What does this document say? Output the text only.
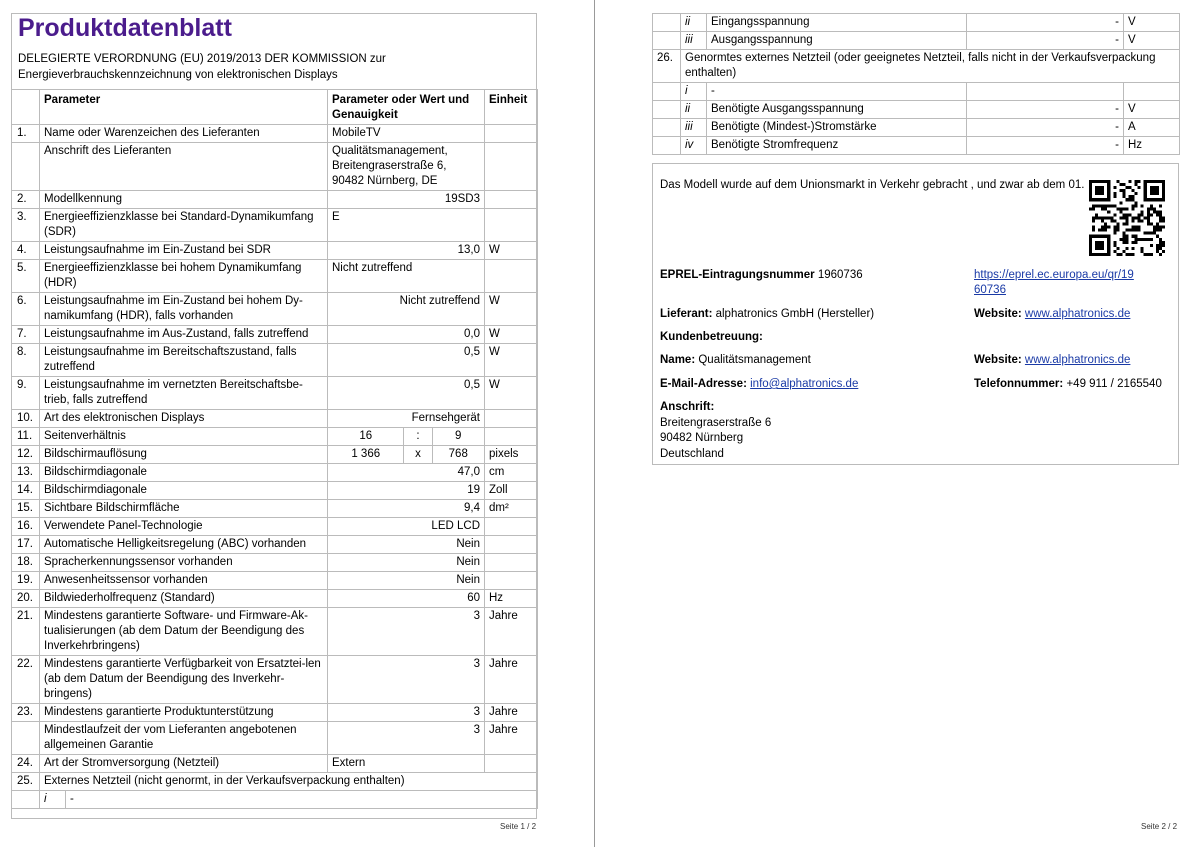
Produktdatenblatt
DELEGIERTE VERORDNUNG (EU) 2019/2013 DER KOMMISSION zur Energieverbrauchskennzeichnung von elektronischen Displays
	Parameter	Parameter oder Wert und Genauigkeit	Einheit
1.	Name oder Warenzeichen des Lieferanten	MobileTV	
	Anschrift des Lieferanten	Qualitätsmanagement, Breitengraserstraße 6, 90482 Nürnberg, DE	
2.	Modellkennung	19SD3	
3.	Energieeffizienzklasse bei Standard-Dynamikumfang (SDR)	E	
4.	Leistungsaufnahme im Ein-Zustand bei SDR	13,0	W
5.	Energieeffizienzklasse bei hohem Dynamikumfang (HDR)	Nicht zutreffend	
6.	Leistungsaufnahme im Ein-Zustand bei hohem Dy-namikumfang (HDR), falls vorhanden	Nicht zutreffend	W
7.	Leistungsaufnahme im Aus-Zustand, falls zutreffend	0,0	W
8.	Leistungsaufnahme im Bereitschaftszustand, falls zutreffend	0,5	W
9.	Leistungsaufnahme im vernetzten Bereitschaftsbe-trieb, falls zutreffend	0,5	W
10.	Art des elektronischen Displays	Fernsehgerät	
11.	Seitenverhältnis	16 : 9	

12.	Bildschirmauflösung	1 366 x 768	pixels
13.	Bildschirmdiagonale	47,0	cm
14.	Bildschirmdiagonale	19	Zoll
15.	Sichtbare Bildschirmfläche	9,4	dm²
16.	Verwendete Panel-Technologie	LED LCD	
17.	Automatische Helligkeitsregelung (ABC) vorhanden	Nein	
18.	Spracherkennungssensor vorhanden	Nein	
19.	Anwesenheitssensor vorhanden	Nein	
20.	Bildwiederholfrequenz (Standard)	60	Hz
21.	Mindestens garantierte Software- und Firmware-Ak-tualisierungen (ab dem Datum der Beendigung des Inverkehrbringens)	3	Jahre
22.	Mindestens garantierte Verfügbarkeit von Ersatztei-len (ab dem Datum der Beendigung des Inverkehr-bringens)	3	Jahre
23.	Mindestens garantierte Produktunterstützung	3	Jahre
	Mindestlaufzeit der vom Lieferanten angebotenen allgemeinen Garantie	3	Jahre
24.	Art der Stromversorgung (Netzteil)	Extern	
25.	Externes Netzteil (nicht genormt, in der Verkaufsverpackung enthalten)		

	i -		
Seite 1 / 2
	ii	Eingangsspannung	-	V
	iii	Ausgangsspannung	-	V
26.	Genormtes externes Netzteil (oder geeignetes Netzteil, falls nicht in der Verkaufsverpackung enthalten)			
	i	-		
	ii	Benötigte Ausgangsspannung	-	V
	iii	Benötigte (Mindest-)Stromstärke	-	A
	iv	Benötigte Stromfrequenz	-	Hz
Das Modell wurde auf dem Unionsmarkt in Verkehr gebracht , und zwar ab dem 01.
EPREL-Eintragungsnummer 1960736	https://eprel.ec.europa.eu/qr/19
60736
Lieferant: alphatronics GmbH (Hersteller)	Website: www.alphatronics.de
Kundenbetreuung:
Name: Qualitätsmanagement	Website: www.alphatronics.de
E-Mail-Adresse: info@alphatronics.de	Telefonnummer: +49 911 / 2165540
Anschrift:
Breitengraserstraße 6
90482 Nürnberg
Deutschland
Seite 2 / 2
